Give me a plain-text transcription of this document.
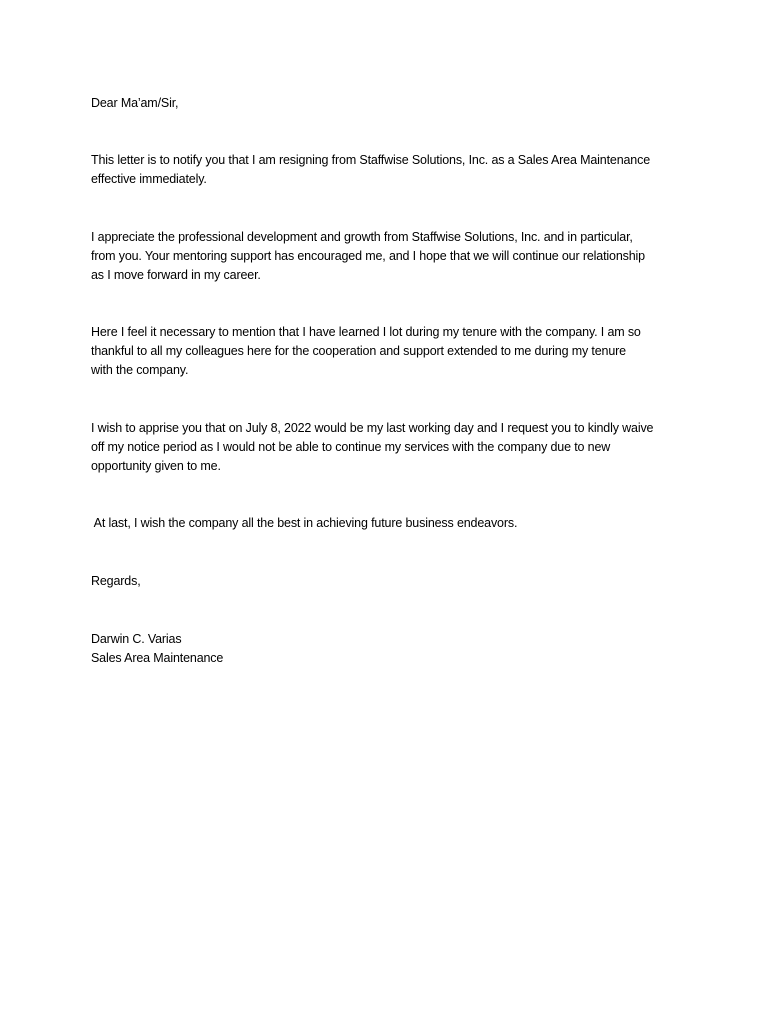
Dear Ma’am/Sir,
This letter is to notify you that I am resigning from Staffwise Solutions, Inc. as a Sales Area Maintenance
effective immediately.
I appreciate the professional development and growth from Staffwise Solutions, Inc. and in particular,
from you. Your mentoring support has encouraged me, and I hope that we will continue our relationship
as I move forward in my career.
Here I feel it necessary to mention that I have learned I lot during my tenure with the company. I am so
thankful to all my colleagues here for the cooperation and support extended to me during my tenure
with the company.
I wish to apprise you that on July 8, 2022 would be my last working day and I request you to kindly waive
off my notice period as I would not be able to continue my services with the company due to new
opportunity given to me.
At last, I wish the company all the best in achieving future business endeavors.
Regards,
Darwin C. Varias
Sales Area Maintenance
